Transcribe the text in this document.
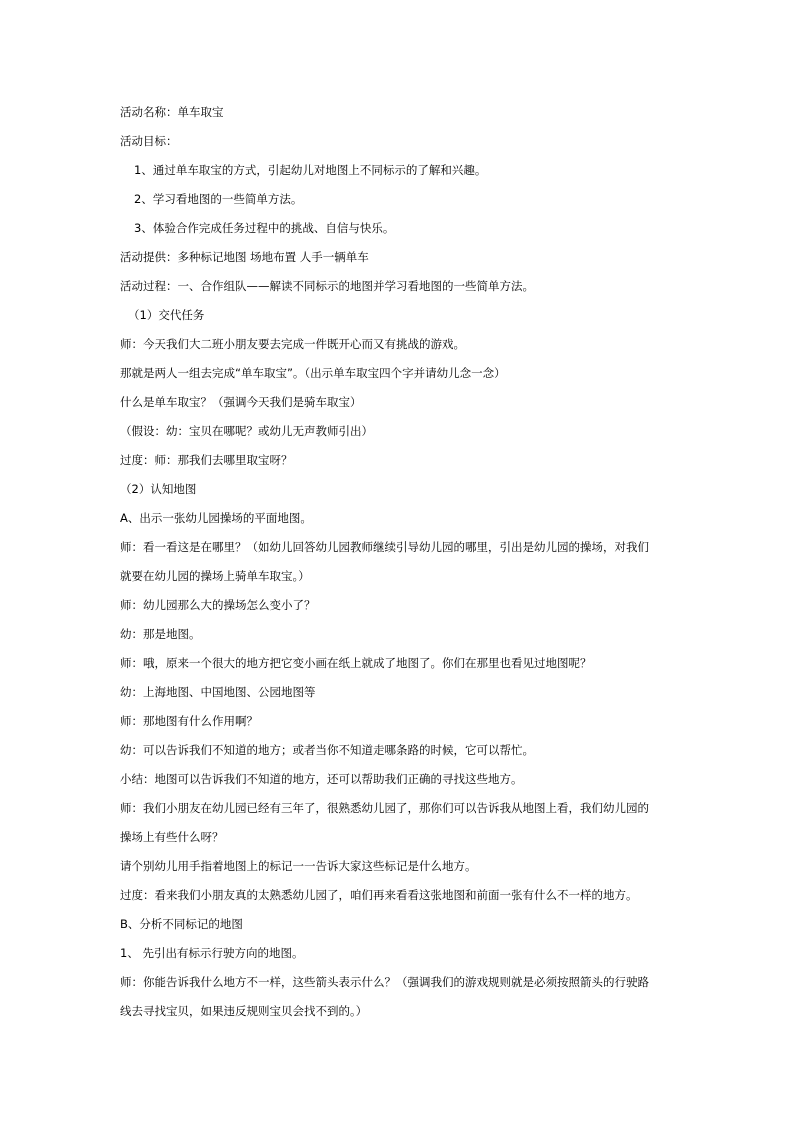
活动名称：单车取宝
活动目标：
1、通过单车取宝的方式，引起幼儿对地图上不同标示的了解和兴趣。
2、学习看地图的一些简单方法。
3、体验合作完成任务过程中的挑战、自信与快乐。
活动提供：多种标记地图 场地布置 人手一辆单车
活动过程：一、合作组队——解读不同标示的地图并学习看地图的一些简单方法。
（1）交代任务
师：今天我们大二班小朋友要去完成一件既开心而又有挑战的游戏。
那就是两人一组去完成“单车取宝”。（出示单车取宝四个字并请幼儿念一念）
什么是单车取宝？（强调今天我们是骑车取宝）
（假设：幼：宝贝在哪呢？或幼儿无声教师引出）
过度：师：那我们去哪里取宝呀？
（2）认知地图
A、出示一张幼儿园操场的平面地图。
师：看一看这是在哪里？（如幼儿回答幼儿园教师继续引导幼儿园的哪里，引出是幼儿园的操场，对我们
就要在幼儿园的操场上骑单车取宝。）
师：幼儿园那么大的操场怎么变小了？
幼：那是地图。
师：哦，原来一个很大的地方把它变小画在纸上就成了地图了。你们在那里也看见过地图呢？
幼：上海地图、中国地图、公园地图等
师：那地图有什么作用啊？
幼：可以告诉我们不知道的地方；或者当你不知道走哪条路的时候，它可以帮忙。
小结：地图可以告诉我们不知道的地方，还可以帮助我们正确的寻找这些地方。
师：我们小朋友在幼儿园已经有三年了，很熟悉幼儿园了，那你们可以告诉我从地图上看，我们幼儿园的
操场上有些什么呀？
请个别幼儿用手指着地图上的标记一一告诉大家这些标记是什么地方。
过度：看来我们小朋友真的太熟悉幼儿园了，咱们再来看看这张地图和前面一张有什么不一样的地方。
B、分析不同标记的地图
1、 先引出有标示行驶方向的地图。
师：你能告诉我什么地方不一样，这些箭头表示什么？（强调我们的游戏规则就是必须按照箭头的行驶路
线去寻找宝贝，如果违反规则宝贝会找不到的。）
